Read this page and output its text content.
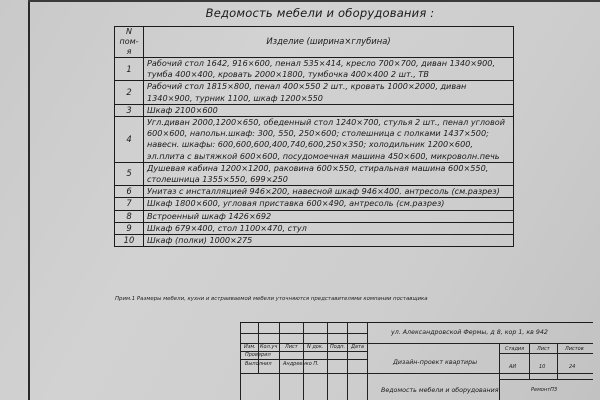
Ведомость мебели и оборудования :
N пом-я	Изделие (ширина×глубина)
1	Рабочий стол 1642, 916×600, пенал 535×414, кресло 700×700, диван 1340×900, тумба 400×400, кровать 2000×1800, тумбочка 400×400 2 шт., ТВ
2	Рабочий стол 1815×800, пенал 400×550 2 шт., кровать 1000×2000, диван 1340×900, турник 1100, шкаф 1200×550
3	Шкаф 2100×600
4	Угл.диван 2000,1200×650, обеденный стол 1240×700, стулья 2 шт., пенал угловой 600×600, напольн.шкаф: 300, 550, 250×600; столешница с полками 1437×500; навесн. шкафы: 600,600,600,400,740,600,250×350; холодильник 1200×600, эл.плита с вытяжкой 600×600, посудомоечная машина 450×600, микроволн.печь
5	Душевая кабина 1200×1200, раковина 600×550, стиральная машина 600×550, столешница 1355×550, 699×250
6	Унитаз с инсталляцией 946×200, навесной шкаф 946×400. антресоль (см.разрез)
7	Шкаф 1800×600, угловая приставка 600×490, антресоль (см.разрез)
8	Встроенный шкаф 1426×692
9	Шкаф 679×400, стол 1100×470, стул
10	Шкаф (полки) 1000×275
Прим.1 Размеры мебели, кухни и встраиваемой мебели уточняются представителями компании поставщика
Изм. Кол.уч Лист N док. Подп. Дата
Проверил
Выполнил Андреенко П.
ул. Александровской Фермы, д 8, кор 1, кв 942
Дизайн-проект квартиры
Ведомость мебели и оборудования
Стадия	Лист	Листов
АИ	10	24
РемонтПЗ
